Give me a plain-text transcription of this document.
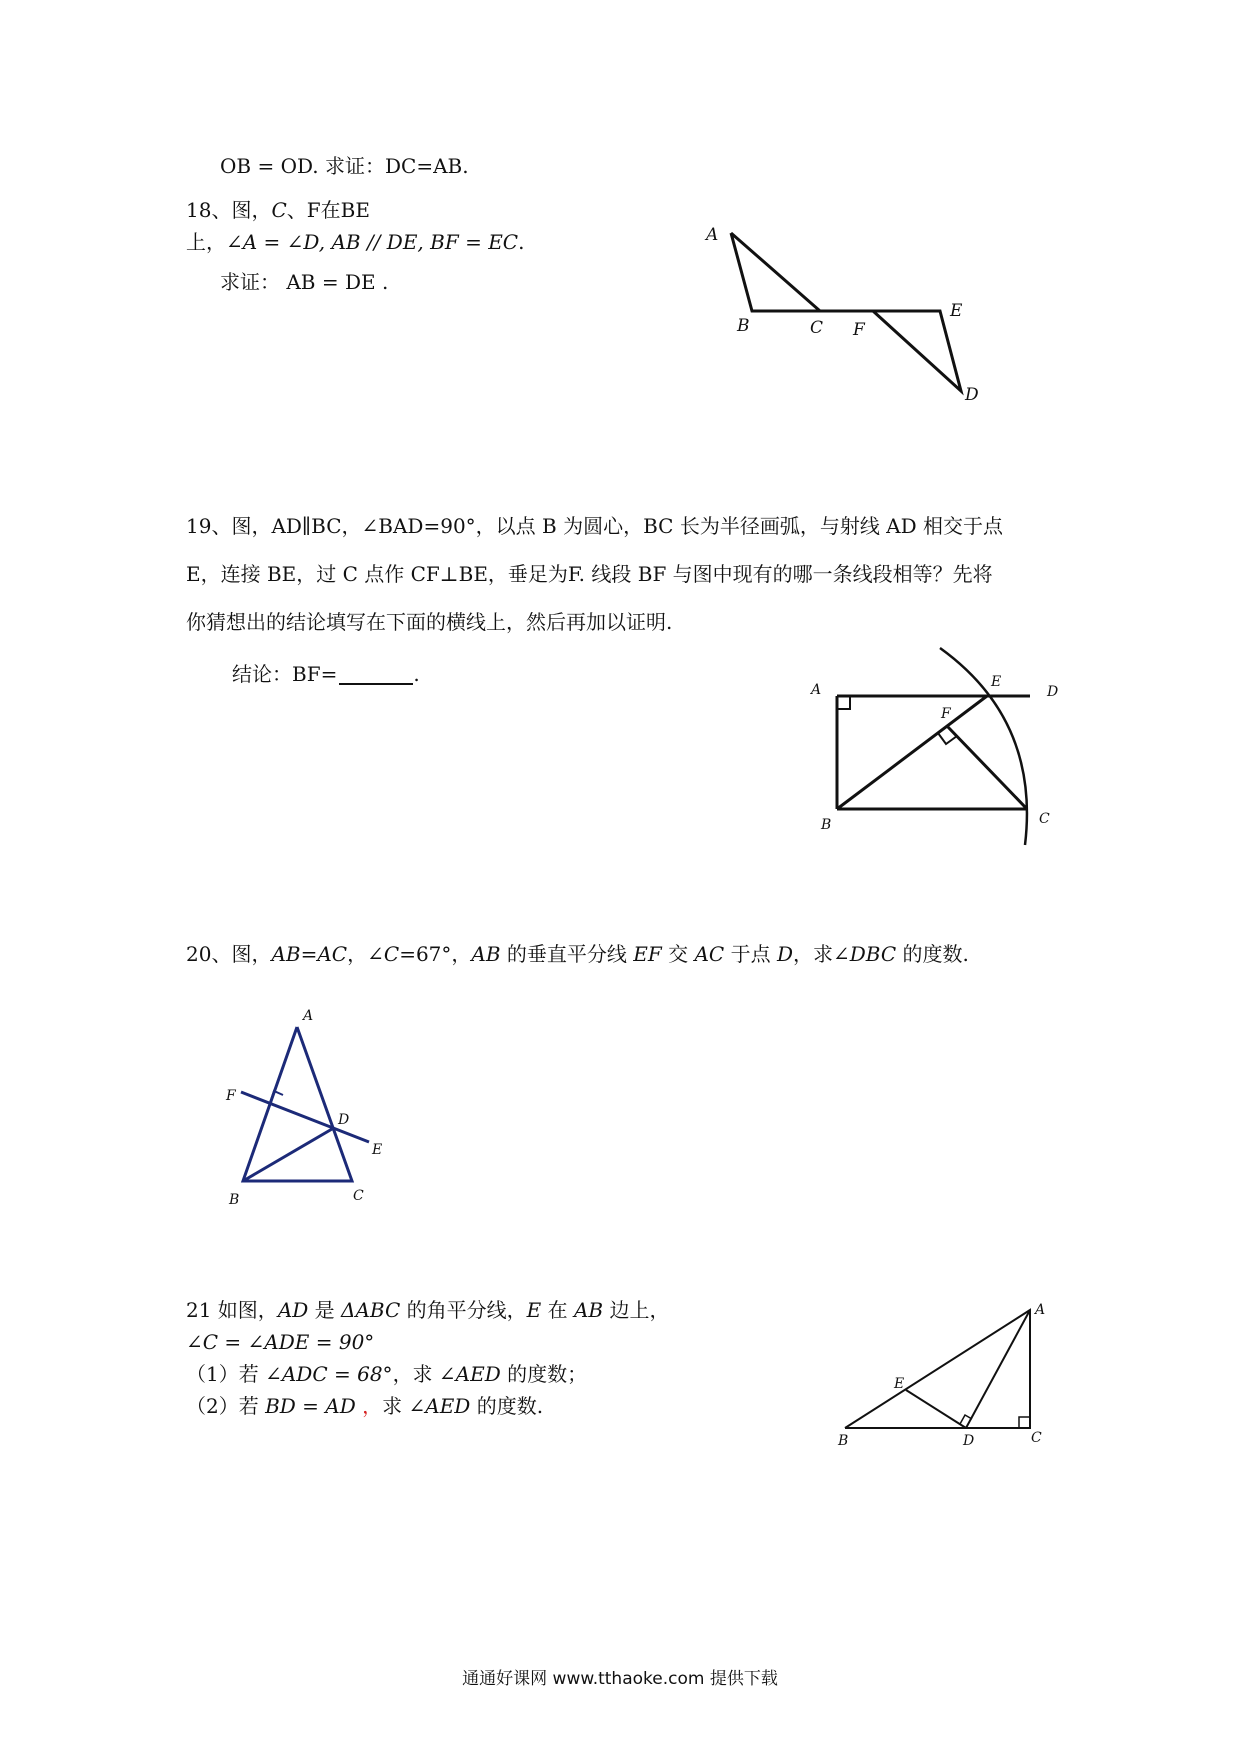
OB = OD. 求证：DC=AB.
18、图，C、F在BE
上，∠A = ∠D, AB // DE, BF = EC.
求证： AB = DE .
A
B	C F
E
D
19、图，AD∥BC，∠BAD=90°，以点 B 为圆心，BC 长为半径画弧，与射线 AD 相交于点
E，连接 BE，过 C 点作 CF⊥BE，垂足为F. 线段 BF 与图中现有的哪一条线段相等？先将
你猜想出的结论填写在下面的横线上，然后再加以证明.
结论：BF=	.
A	E
D
F
B	C
20、图，AB=AC，∠C=67°，AB 的垂直平分线 EF 交 AC 于点 D，求∠DBC 的度数.
A
F
D
E
B	C
21 如图，AD 是 ΔABC 的角平分线，E 在 AB 边上，
∠C = ∠ADE = 90°
（1）若 ∠ADC = 68°，求 ∠AED 的度数；
（2）若 BD = AD ，求 ∠AED 的度数.
A
E
B	D	C
通通好课网 www.tthaoke.com 提供下载
